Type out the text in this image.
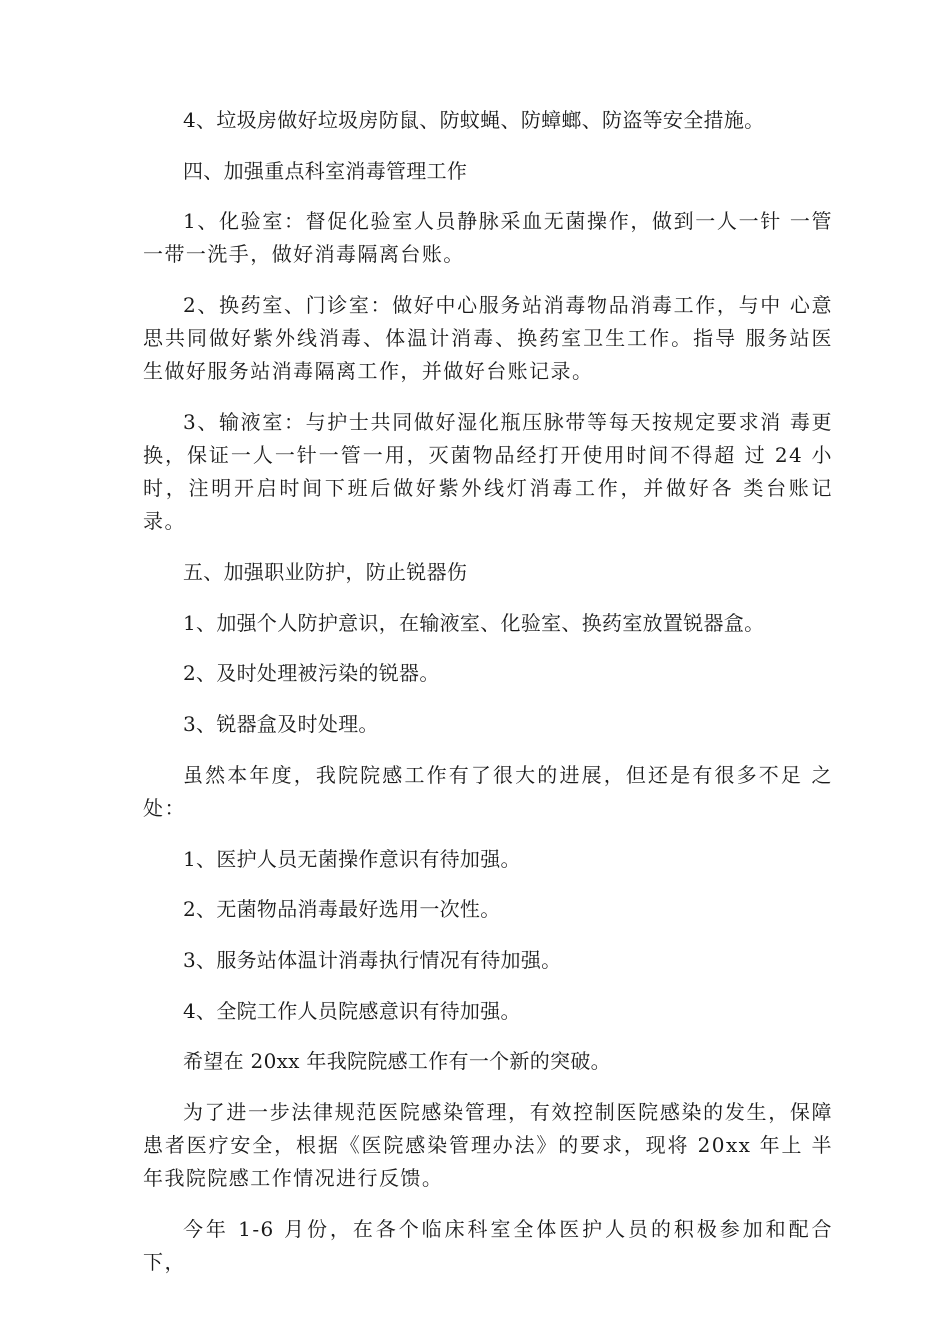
4、垃圾房做好垃圾房防鼠、防蚊蝇、防蟑螂、防盗等安全措施。

四、加强重点科室消毒管理工作

1、化验室：督促化验室人员静脉采血无菌操作，做到一人一针 一管一带一洗手，做好消毒隔离台账。

2、换药室、门诊室：做好中心服务站消毒物品消毒工作，与中 心意思共同做好紫外线消毒、体温计消毒、换药室卫生工作。指导 服务站医生做好服务站消毒隔离工作，并做好台账记录。

3、输液室：与护士共同做好湿化瓶压脉带等每天按规定要求消 毒更换，保证一人一针一管一用，灭菌物品经打开使用时间不得超 过 24 小时，注明开启时间下班后做好紫外线灯消毒工作，并做好各 类台账记录。

五、加强职业防护，防止锐器伤

1、加强个人防护意识，在输液室、化验室、换药室放置锐器盒。

2、及时处理被污染的锐器。

3、锐器盒及时处理。

虽然本年度，我院院感工作有了很大的进展，但还是有很多不足 之处：

1、医护人员无菌操作意识有待加强。

2、无菌物品消毒最好选用一次性。

3、服务站体温计消毒执行情况有待加强。

4、全院工作人员院感意识有待加强。

希望在 20xx 年我院院感工作有一个新的突破。

为了进一步法律规范医院感染管理，有效控制医院感染的发生，保障患者医疗安全，根据《医院感染管理办法》的要求，现将 20xx 年上 半年我院院感工作情况进行反馈。

今年 1-6 月份，在各个临床科室全体医护人员的积极参加和配合 下，
